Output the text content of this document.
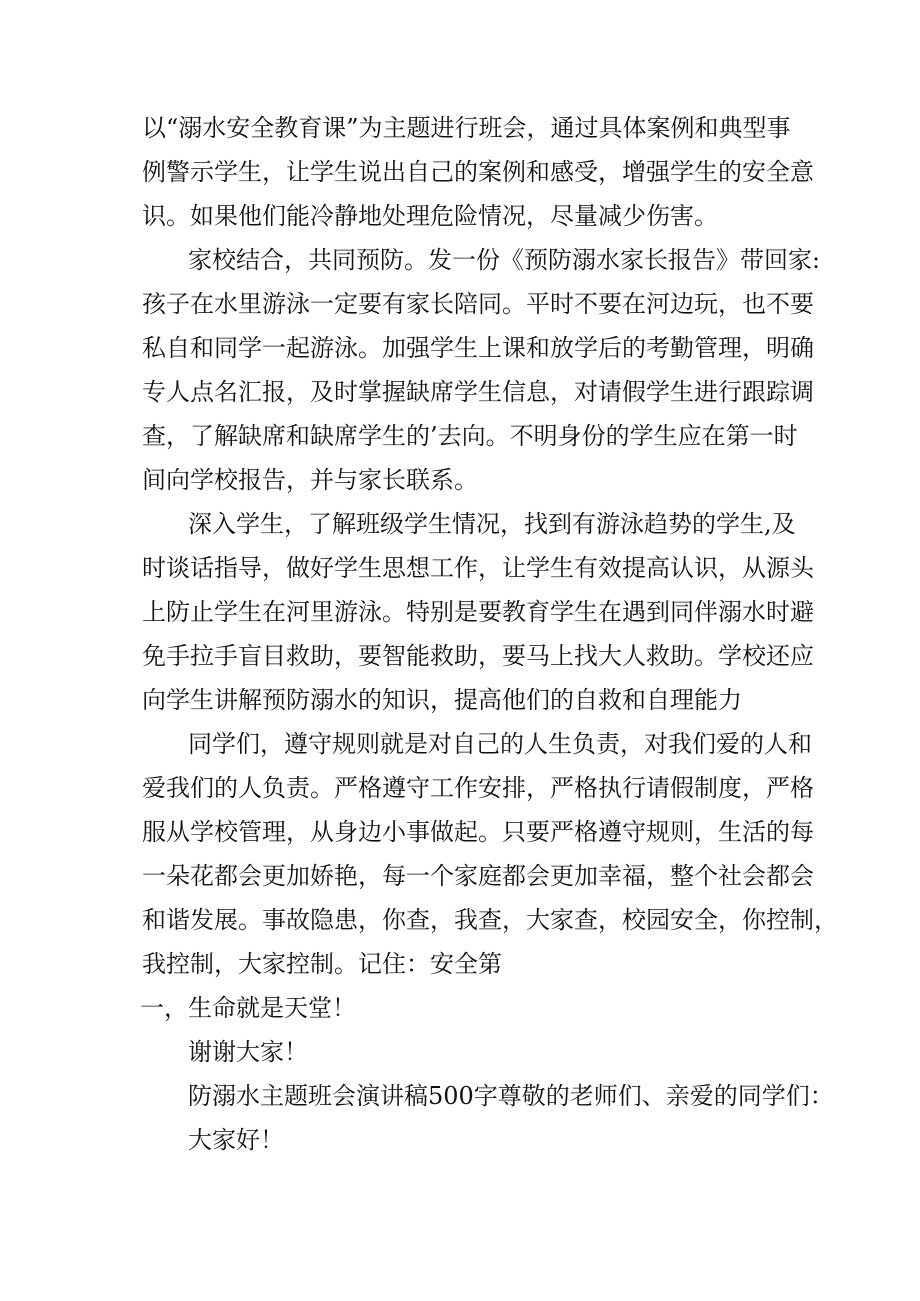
以“溺水安全教育课”为主题进行班会，通过具体案例和典型事
例警示学生，让学生说出自己的案例和感受，增强学生的安全意
识。如果他们能冷静地处理危险情况，尽量减少伤害。
家校结合，共同预防。发一份《预防溺水家长报告》带回家:
孩子在水里游泳一定要有家长陪同。平时不要在河边玩，也不要
私自和同学一起游泳。加强学生上课和放学后的考勤管理，明确
专人点名汇报，及时掌握缺席学生信息，对请假学生进行跟踪调
查，了解缺席和缺席学生的’去向。不明身份的学生应在第一时
间向学校报告，并与家长联系。
深入学生，了解班级学生情况，找到有游泳趋势的学生,及
时谈话指导，做好学生思想工作，让学生有效提高认识，从源头
上防止学生在河里游泳。特别是要教育学生在遇到同伴溺水时避
免手拉手盲目救助，要智能救助，要马上找大人救助。学校还应
向学生讲解预防溺水的知识，提高他们的自救和自理能力
同学们，遵守规则就是对自己的人生负责，对我们爱的人和
爱我们的人负责。严格遵守工作安排，严格执行请假制度，严格
服从学校管理，从身边小事做起。只要严格遵守规则，生活的每
一朵花都会更加娇艳，每一个家庭都会更加幸福，整个社会都会
和谐发展。事故隐患，你查，我查，大家查，校园安全，你控制，
我控制，大家控制。记住：安全第
一，生命就是天堂！
谢谢大家！
防溺水主题班会演讲稿500字尊敬的老师们、亲爱的同学们：
大家好！
